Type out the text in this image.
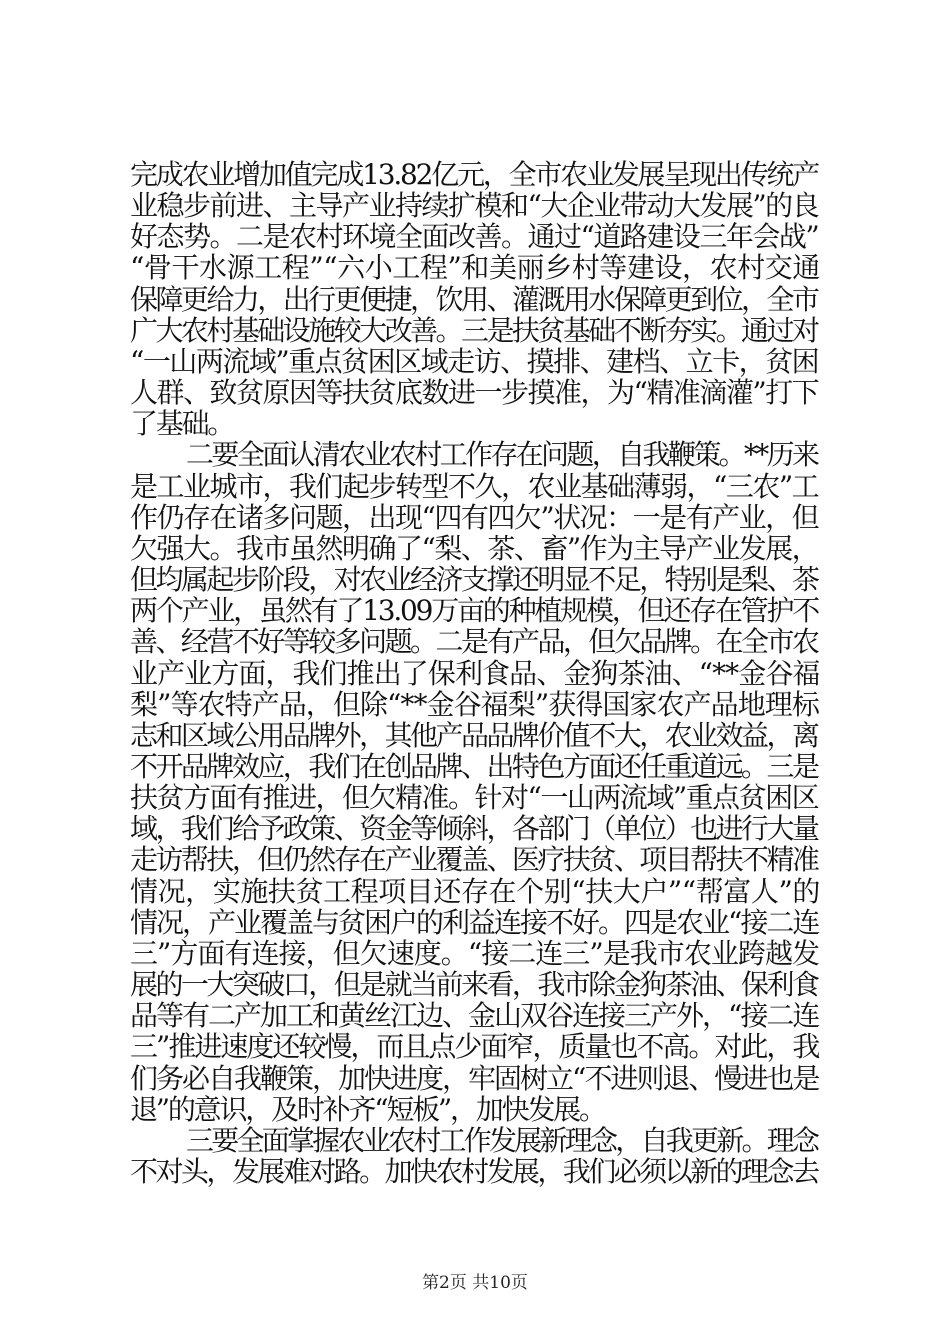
完成农业增加值完成13.82亿元，全市农业发展呈现出传统产
业稳步前进、主导产业持续扩模和“大企业带动大发展”的良
好态势。二是农村环境全面改善。通过“道路建设三年会战”
“骨干水源工程”“六小工程”和美丽乡村等建设，农村交通
保障更给力，出行更便捷，饮用、灌溉用水保障更到位，全市
广大农村基础设施较大改善。三是扶贫基础不断夯实。通过对
“一山两流域”重点贫困区域走访、摸排、建档、立卡，贫困
人群、致贫原因等扶贫底数进一步摸准，为“精准滴灌”打下
了基础。
二要全面认清农业农村工作存在问题，自我鞭策。**历来
是工业城市，我们起步转型不久，农业基础薄弱，“三农”工
作仍存在诸多问题，出现“四有四欠”状况：一是有产业，但
欠强大。我市虽然明确了“梨、茶、畜”作为主导产业发展，
但均属起步阶段，对农业经济支撑还明显不足，特别是梨、茶
两个产业，虽然有了13.09万亩的种植规模，但还存在管护不
善、经营不好等较多问题。二是有产品，但欠品牌。在全市农
业产业方面，我们推出了保利食品、金狗茶油、“**金谷福
梨”等农特产品，但除“**金谷福梨”获得国家农产品地理标
志和区域公用品牌外，其他产品品牌价值不大，农业效益，离
不开品牌效应，我们在创品牌、出特色方面还任重道远。三是
扶贫方面有推进，但欠精准。针对“一山两流域”重点贫困区
域，我们给予政策、资金等倾斜，各部门（单位）也进行大量
走访帮扶，但仍然存在产业覆盖、医疗扶贫、项目帮扶不精准
情况，实施扶贫工程项目还存在个别“扶大户”“帮富人”的
情况，产业覆盖与贫困户的利益连接不好。四是农业“接二连
三”方面有连接，但欠速度。“接二连三”是我市农业跨越发
展的一大突破口，但是就当前来看，我市除金狗茶油、保利食
品等有二产加工和黄丝江边、金山双谷连接三产外，“接二连
三”推进速度还较慢，而且点少面窄，质量也不高。对此，我
们务必自我鞭策，加快进度，牢固树立“不进则退、慢进也是
退”的意识，及时补齐“短板”，加快发展。
三要全面掌握农业农村工作发展新理念，自我更新。理念
不对头，发展难对路。加快农村发展，我们必须以新的理念去
第2页 共10页
